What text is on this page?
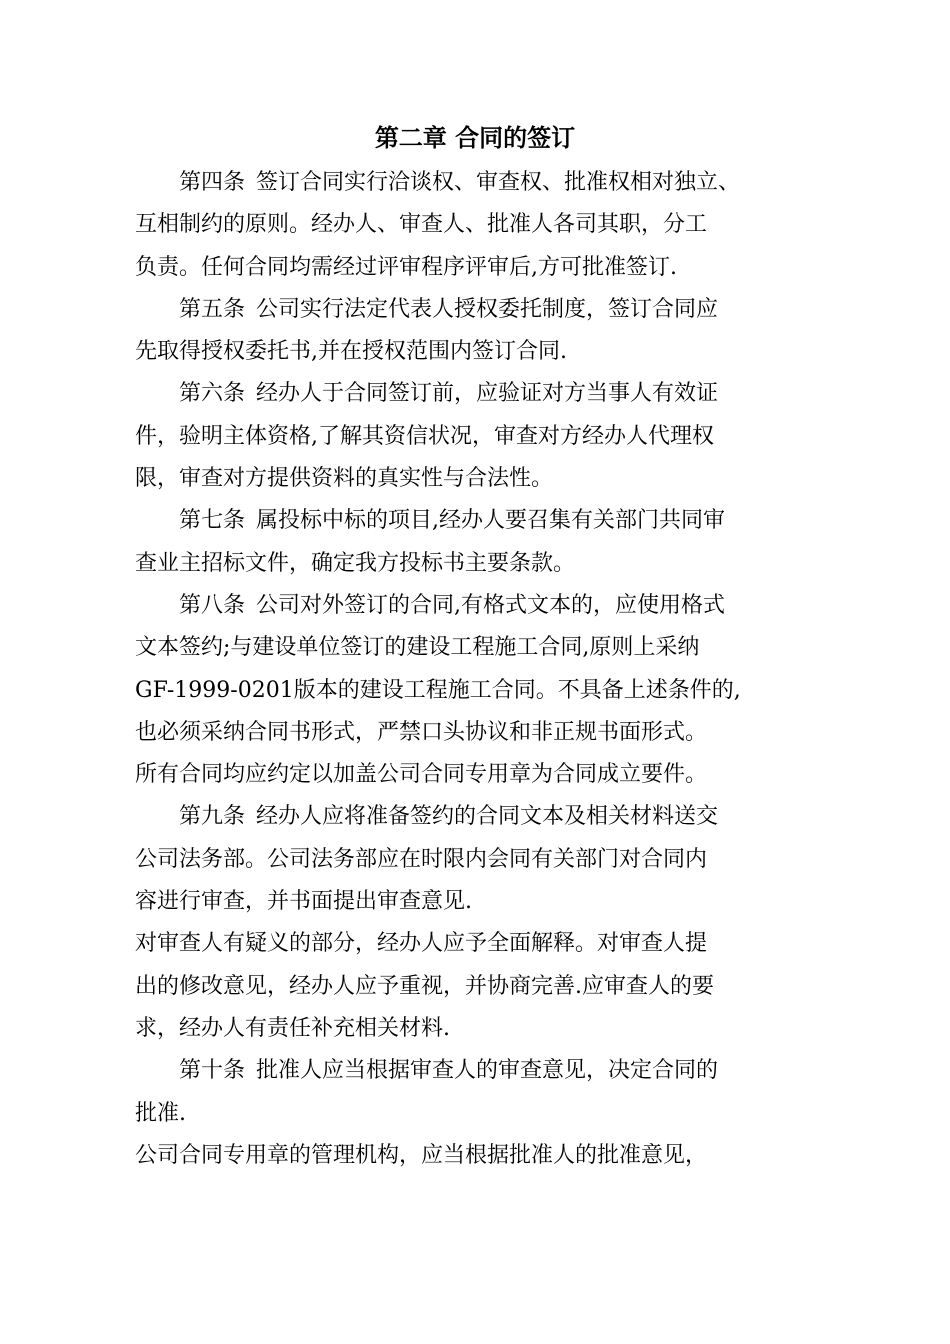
第二章 合同的签订

第四条 签订合同实行洽谈权、审查权、批准权相对独立、
互相制约的原则。经办人、审查人、批准人各司其职，分工
负责。任何合同均需经过评审程序评审后,方可批准签订.

第五条 公司实行法定代表人授权委托制度，签订合同应
先取得授权委托书,并在授权范围内签订合同.

第六条 经办人于合同签订前，应验证对方当事人有效证
件，验明主体资格,了解其资信状况，审查对方经办人代理权
限，审查对方提供资料的真实性与合法性。

第七条 属投标中标的项目,经办人要召集有关部门共同审
查业主招标文件，确定我方投标书主要条款。

第八条 公司对外签订的合同,有格式文本的，应使用格式
文本签约;与建设单位签订的建设工程施工合同,原则上采纳
GF-1999-0201版本的建设工程施工合同。不具备上述条件的,
也必须采纳合同书形式，严禁口头协议和非正规书面形式。

所有合同均应约定以加盖公司合同专用章为合同成立要件。

第九条 经办人应将准备签约的合同文本及相关材料送交
公司法务部。公司法务部应在时限内会同有关部门对合同内
容进行审查，并书面提出审查意见.

对审查人有疑义的部分，经办人应予全面解释。对审查人提
出的修改意见，经办人应予重视，并协商完善.应审查人的要
求，经办人有责任补充相关材料.

第十条 批准人应当根据审查人的审查意见，决定合同的
批准.

公司合同专用章的管理机构，应当根据批准人的批准意见，
